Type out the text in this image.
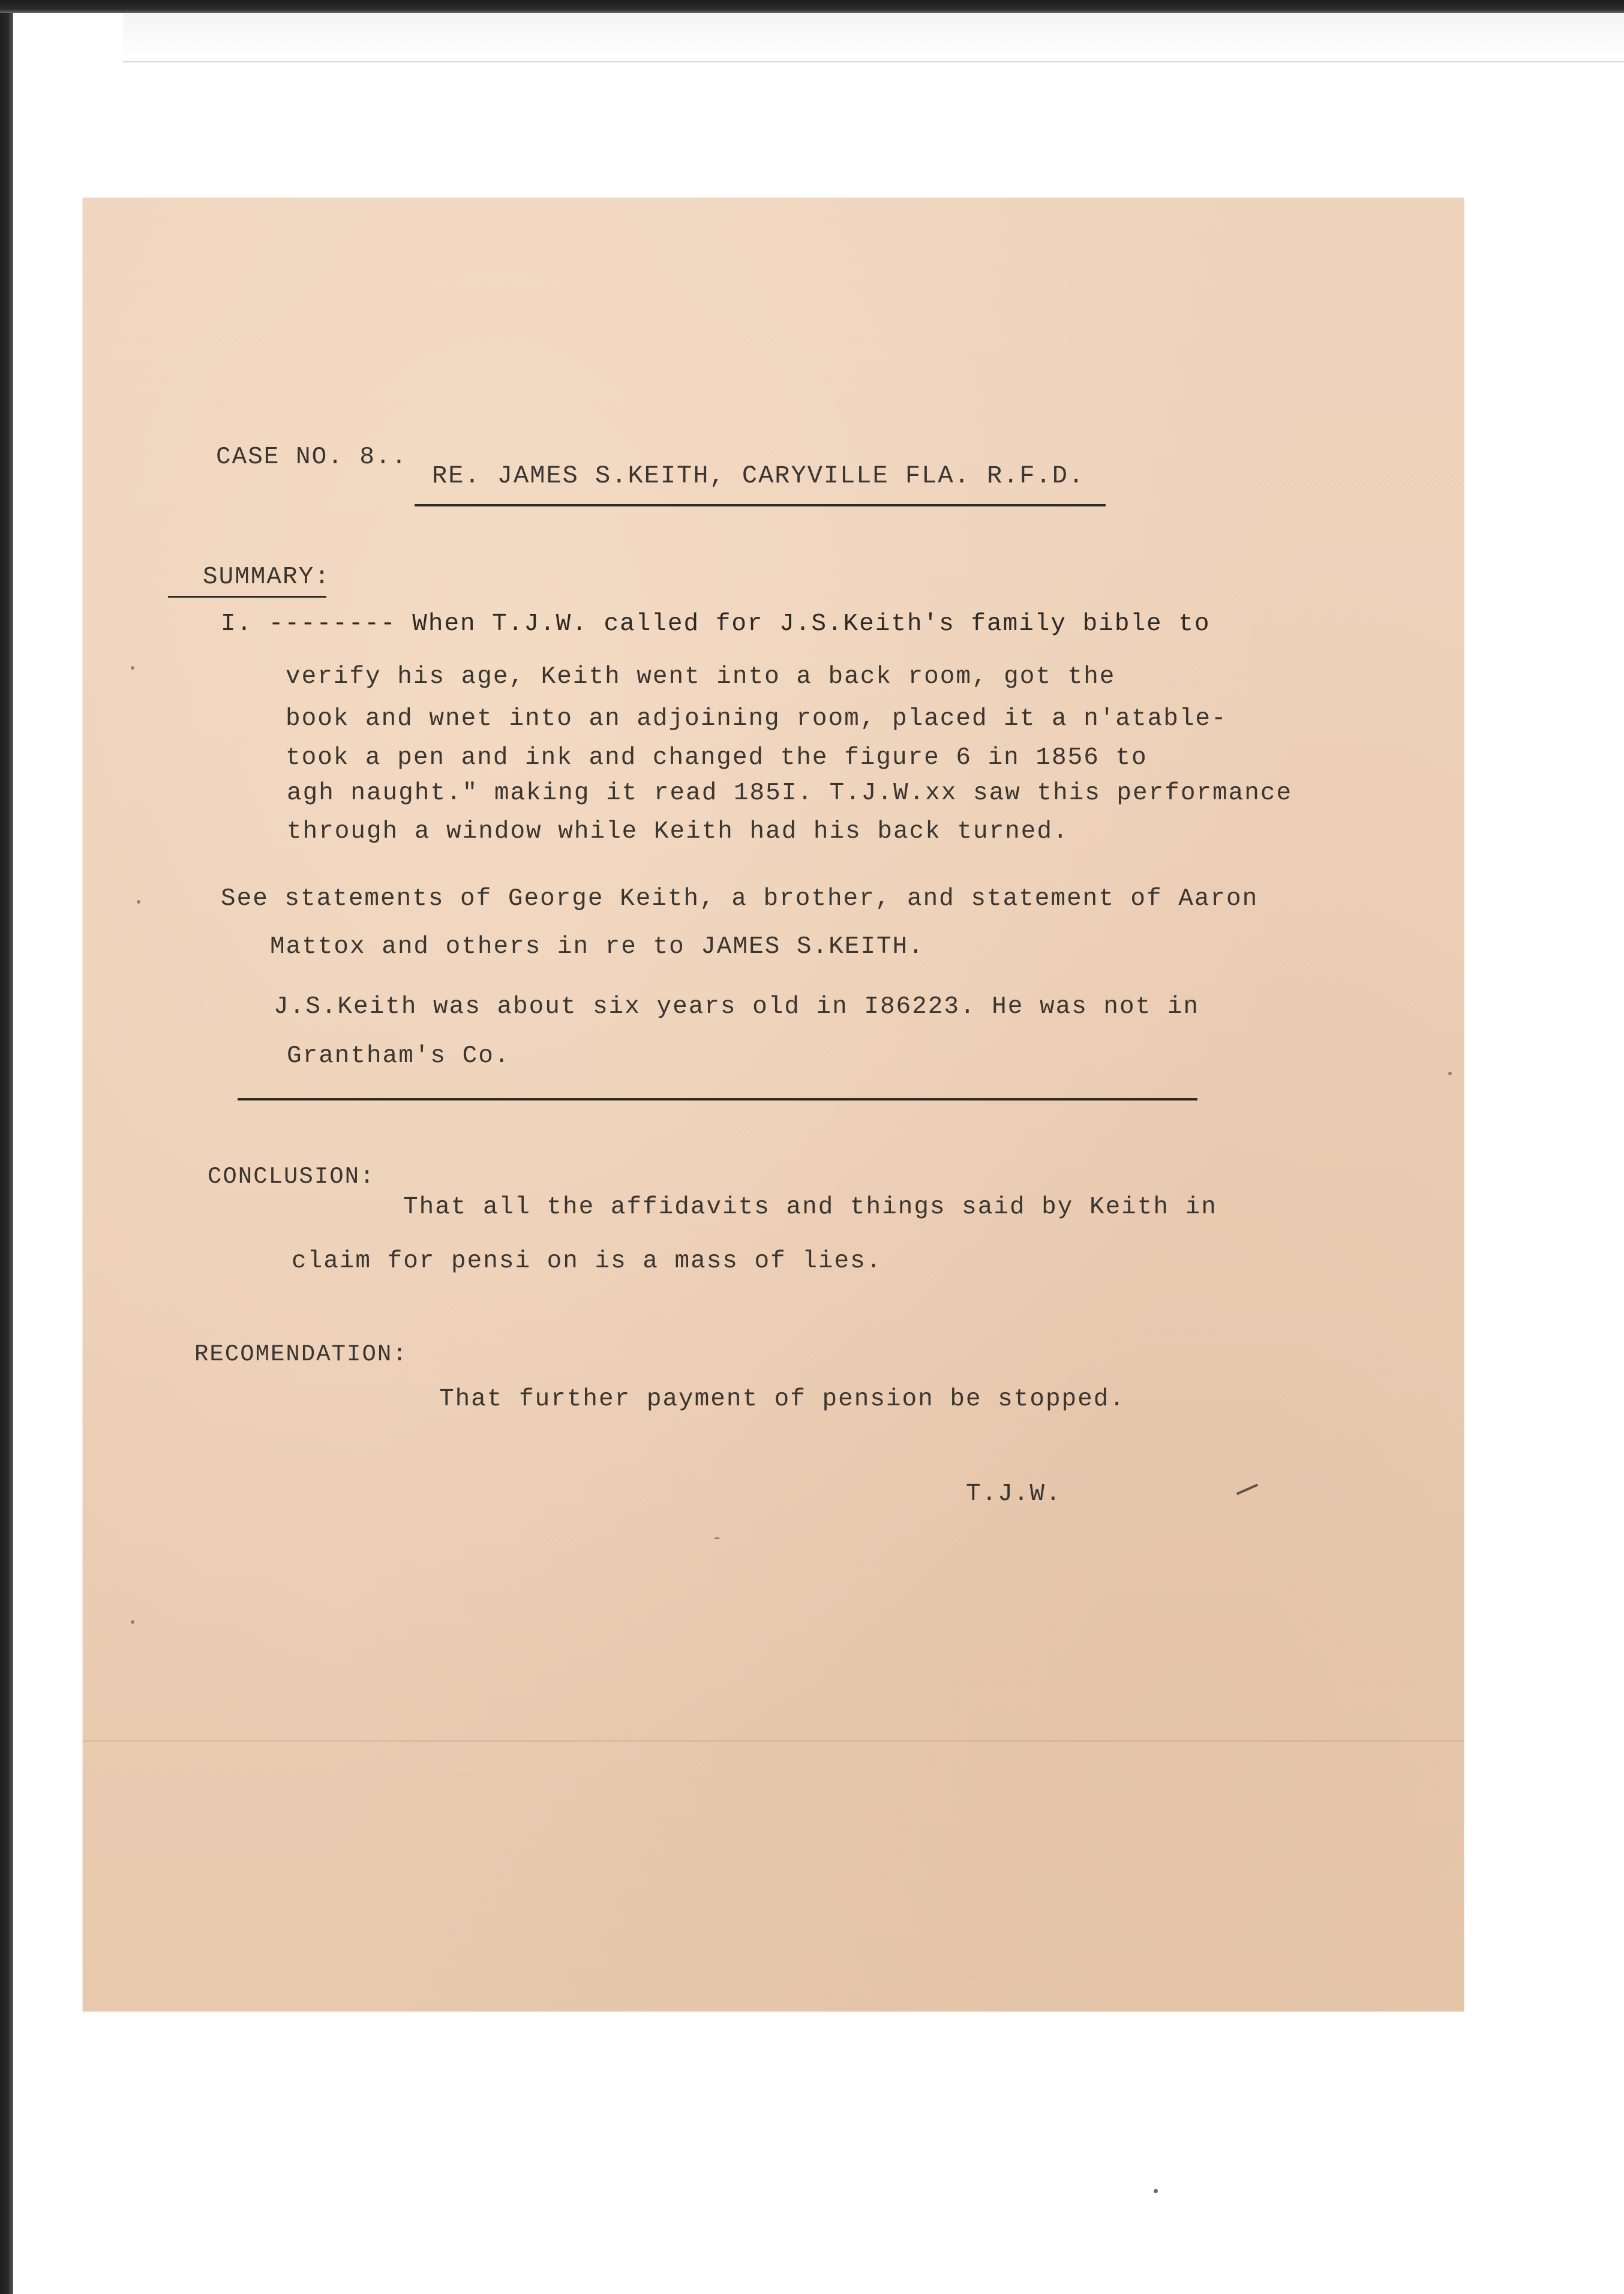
CASE NO. 8..
RE. JAMES S.KEITH, CARYVILLE FLA. R.F.D.
SUMMARY:
I. -------- When T.J.W. called for J.S.Keith's family bible to
verify his age, Keith went into a back room, got the
book and wnet into an adjoining room, placed it a n'atable-
took a pen and ink and changed the figure 6 in 1856 to
agh naught." making it read 185I. T.J.W.xx saw this performance
through a window while Keith had his back turned.
See statements of George Keith, a brother, and statement of Aaron
Mattox and others in re to JAMES S.KEITH.
J.S.Keith was about six years old in I86223. He was not in
Grantham's Co.
CONCLUSION:
That all the affidavits and things said by Keith in
claim for pensi on is a mass of lies.
RECOMENDATION:
That further payment of pension be stopped.
T.J.W.
